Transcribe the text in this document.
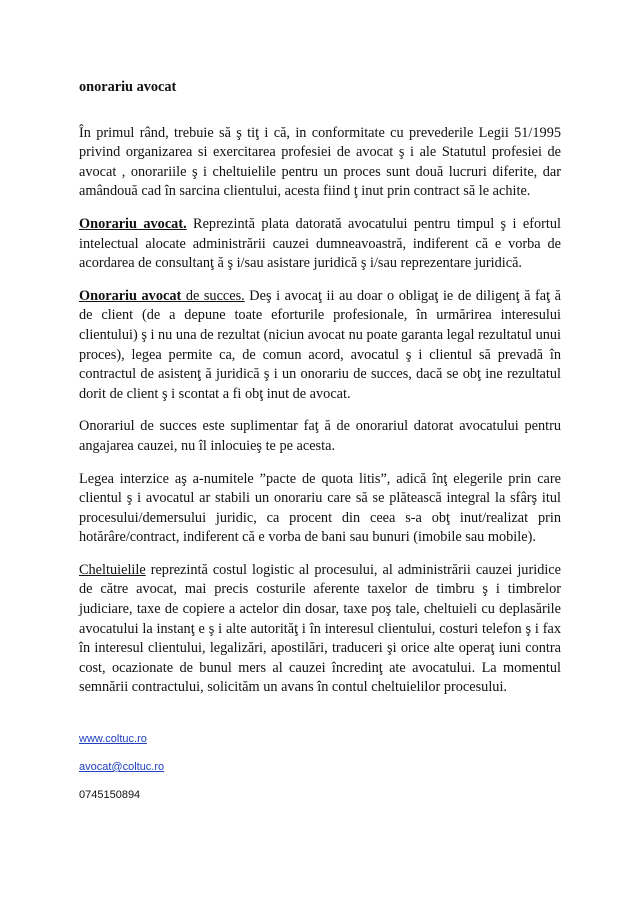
onorariu avocat

În primul rând, trebuie să ş tiţ i că, in conformitate cu prevederile Legii 51/1995 privind organizarea si exercitarea profesiei de avocat ş i ale Statutul profesiei de avocat , onorariile ş i cheltuielile pentru un proces sunt două lucruri diferite, dar amândouă cad în sarcina clientului, acesta fiind ţ inut prin contract să le achite.

Onorariu avocat. Reprezintă plata datorată avocatului pentru timpul ş i efortul intelectual alocate administrării cauzei dumneavoastră, indiferent că e vorba de acordarea de consultanţ ă ş i/sau asistare juridică ş i/sau reprezentare juridică.

Onorariu avocat de succes. Deş i avocaţ ii au doar o obligaţ ie de diligenţ ă faţ ă de client (de a depune toate eforturile profesionale, în urmărirea interesului clientului) ş i nu una de rezultat (niciun avocat nu poate garanta legal rezultatul unui proces), legea permite ca, de comun acord, avocatul ş i clientul să prevadă în contractul de asistenţ ă juridică ş i un onorariu de succes, dacă se obţ ine rezultatul dorit de client ş i scontat a fi obţ inut de avocat.

Onorariul de succes este suplimentar faţ ă de onorariul datorat avocatului pentru angajarea cauzei, nu îl inlocuieş te pe acesta.

Legea interzice aş a-numitele ”pacte de quota litis”, adică înţ elegerile prin care clientul ş i avocatul ar stabili un onorariu care să se plătească integral la sfârş itul procesului/demersului juridic, ca procent din ceea s-a obţ inut/realizat prin hotărâre/contract, indiferent că e vorba de bani sau bunuri (imobile sau mobile).

Cheltuielile reprezintă costul logistic al procesului, al administrării cauzei juridice de către avocat, mai precis costurile aferente taxelor de timbru ş i timbrelor judiciare, taxe de copiere a actelor din dosar, taxe poş tale, cheltuieli cu deplasările avocatului la instanţ e ş i alte autorităţ i în interesul clientului, costuri telefon ş i fax în interesul clientului, legalizări, apostilări, traduceri şi orice alte operaţ iuni contra cost, ocazionate de bunul mers al cauzei încredinţ ate avocatului. La momentul semnării contractului, solicităm un avans în contul cheltuielilor procesului.

www.coltuc.ro
avocat@coltuc.ro
0745150894
